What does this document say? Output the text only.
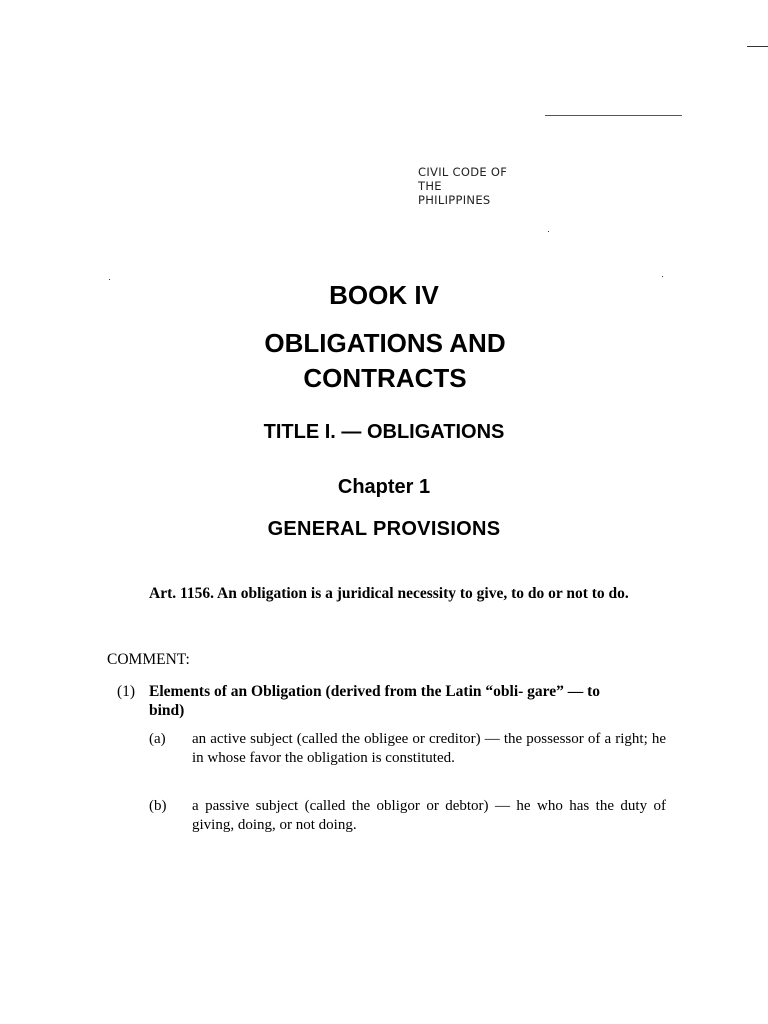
CIVIL CODE OF
THE
PHILIPPINES
BOOK IV
OBLIGATIONS AND CONTRACTS
TITLE I. — OBLIGATIONS
Chapter 1
GENERAL PROVISIONS
Art. 1156. An obligation is a juridical necessity to give, to do or not to do.
COMMENT:
(1) Elements of an Obligation (derived from the Latin “obli- gare” — to bind)
(a) an active subject (called the obligee or creditor) — the possessor of a right; he in whose favor the obligation is constituted.
(b) a passive subject (called the obligor or debtor) — he who has the duty of giving, doing, or not doing.
